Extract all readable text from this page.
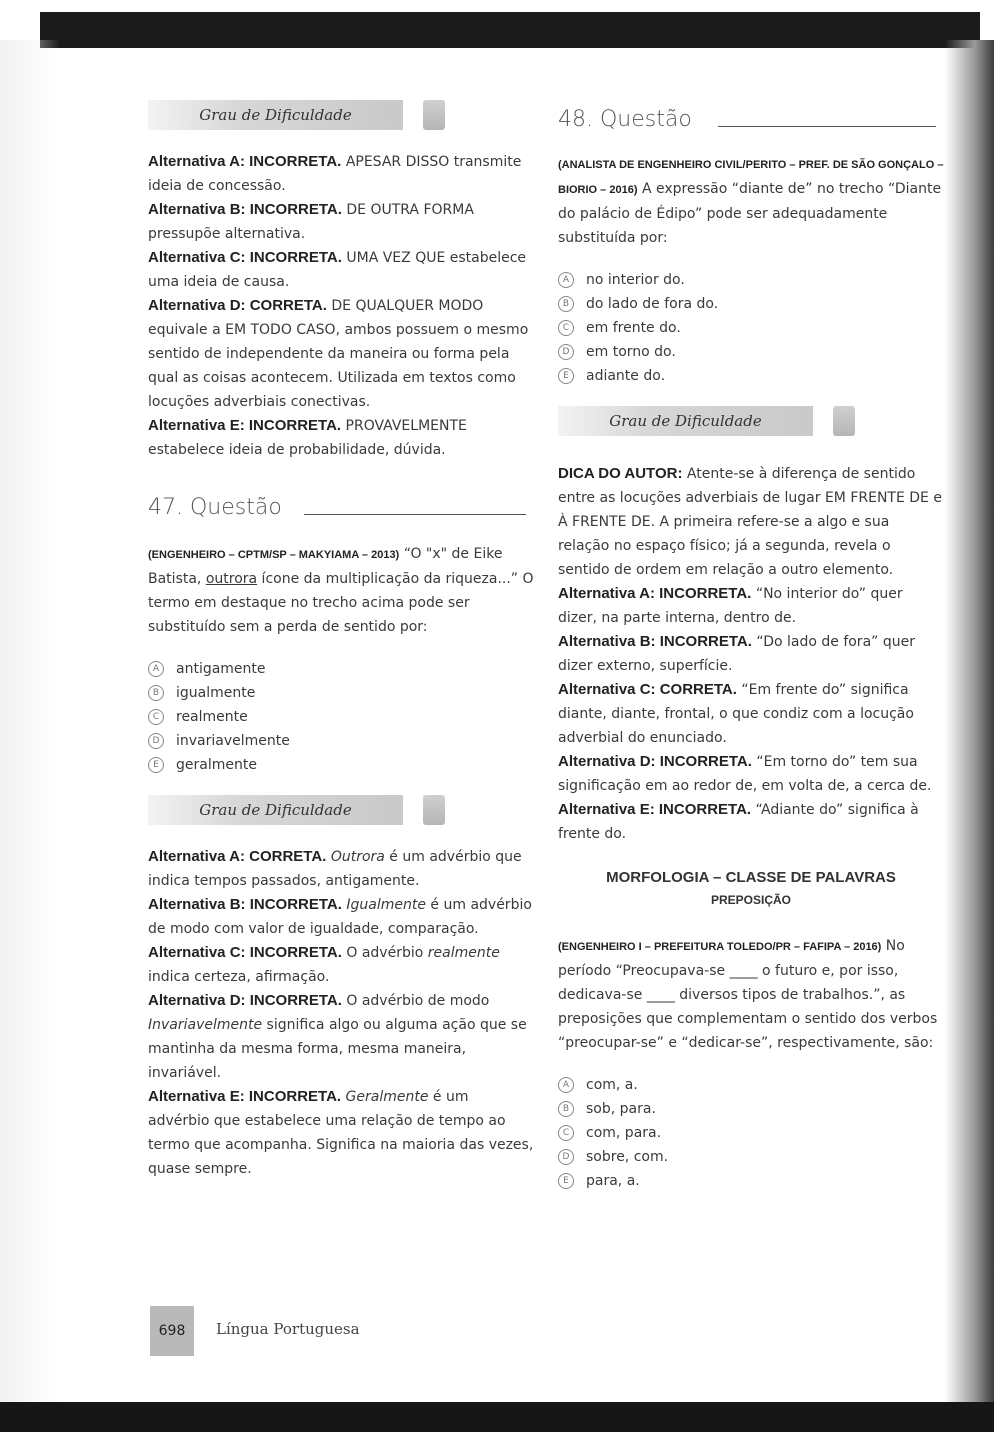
Grau de Dificuldade

Alternativa A: INCORRETA. APESAR DISSO transmite ideia de concessão.

Alternativa B: INCORRETA. DE OUTRA FORMA pressupõe alternativa.

Alternativa C: INCORRETA. UMA VEZ QUE estabelece uma ideia de causa.

Alternativa D: CORRETA. DE QUALQUER MODO equivale a EM TODO CASO, ambos possuem o mesmo sentido de independente da maneira ou forma pela qual as coisas acontecem. Utilizada em textos como locuções adverbiais conectivas.

Alternativa E: INCORRETA. PROVAVELMENTE estabelece ideia de probabilidade, dúvida.

47. Questão

(ENGENHEIRO – CPTM/SP – MAKYIAMA – 2013) “O "x" de Eike Batista, outrora ícone da multiplicação da riqueza...” O termo em destaque no trecho acima pode ser substituído sem a perda de sentido por:

A	antigamente
B	igualmente
C	realmente
D	invariavelmente
E	geralmente
Grau de Dificuldade

Alternativa A: CORRETA. Outrora é um advérbio que indica tempos passados, antigamente.

Alternativa B: INCORRETA. Igualmente é um advérbio de modo com valor de igualdade, comparação.

Alternativa C: INCORRETA. O advérbio realmente indica certeza, afirmação.

Alternativa D: INCORRETA. O advérbio de modo Invariavelmente significa algo ou alguma ação que se mantinha da mesma forma, mesma maneira, invariável.

Alternativa E: INCORRETA. Geralmente é um advérbio que estabelece uma relação de tempo ao termo que acompanha. Significa na maioria das vezes, quase sempre.

48. Questão

(ANALISTA DE ENGENHEIRO CIVIL/PERITO – PREF. DE SÃO GONÇALO – BIORIO – 2016) A expressão “diante de” no trecho “Diante do palácio de Édipo” pode ser adequadamente substituída por:

A	no interior do.
B	do lado de fora do.
C	em frente do.
D	em torno do.
E	adiante do.
Grau de Dificuldade

DICA DO AUTOR: Atente-se à diferença de sentido entre as locuções adverbiais de lugar EM FRENTE DE e À FRENTE DE. A primeira refere-se a algo e sua relação no espaço físico; já a segunda, revela o sentido de ordem em relação a outro elemento.

Alternativa A: INCORRETA. “No interior do” quer dizer, na parte interna, dentro de.

Alternativa B: INCORRETA. “Do lado de fora” quer dizer externo, superfície.

Alternativa C: CORRETA. “Em frente do” significa diante, diante, frontal, o que condiz com a locução adverbial do enunciado.

Alternativa D: INCORRETA. “Em torno do” tem sua significação em ao redor de, em volta de, a cerca de.

Alternativa E: INCORRETA. “Adiante do” significa à frente do.

MORFOLOGIA – CLASSE DE PALAVRAS
PREPOSIÇÃO

(ENGENHEIRO I – PREFEITURA TOLEDO/PR – FAFIPA – 2016) No período “Preocupava-se ____ o futuro e, por isso, dedicava-se ____ diversos tipos de trabalhos.”, as preposições que complementam o sentido dos verbos “preocupar-se” e “dedicar-se”, respectivamente, são:

A	com, a.
B	sob, para.
C	com, para.
D	sobre, com.
E	para, a.
698	Língua Portuguesa
